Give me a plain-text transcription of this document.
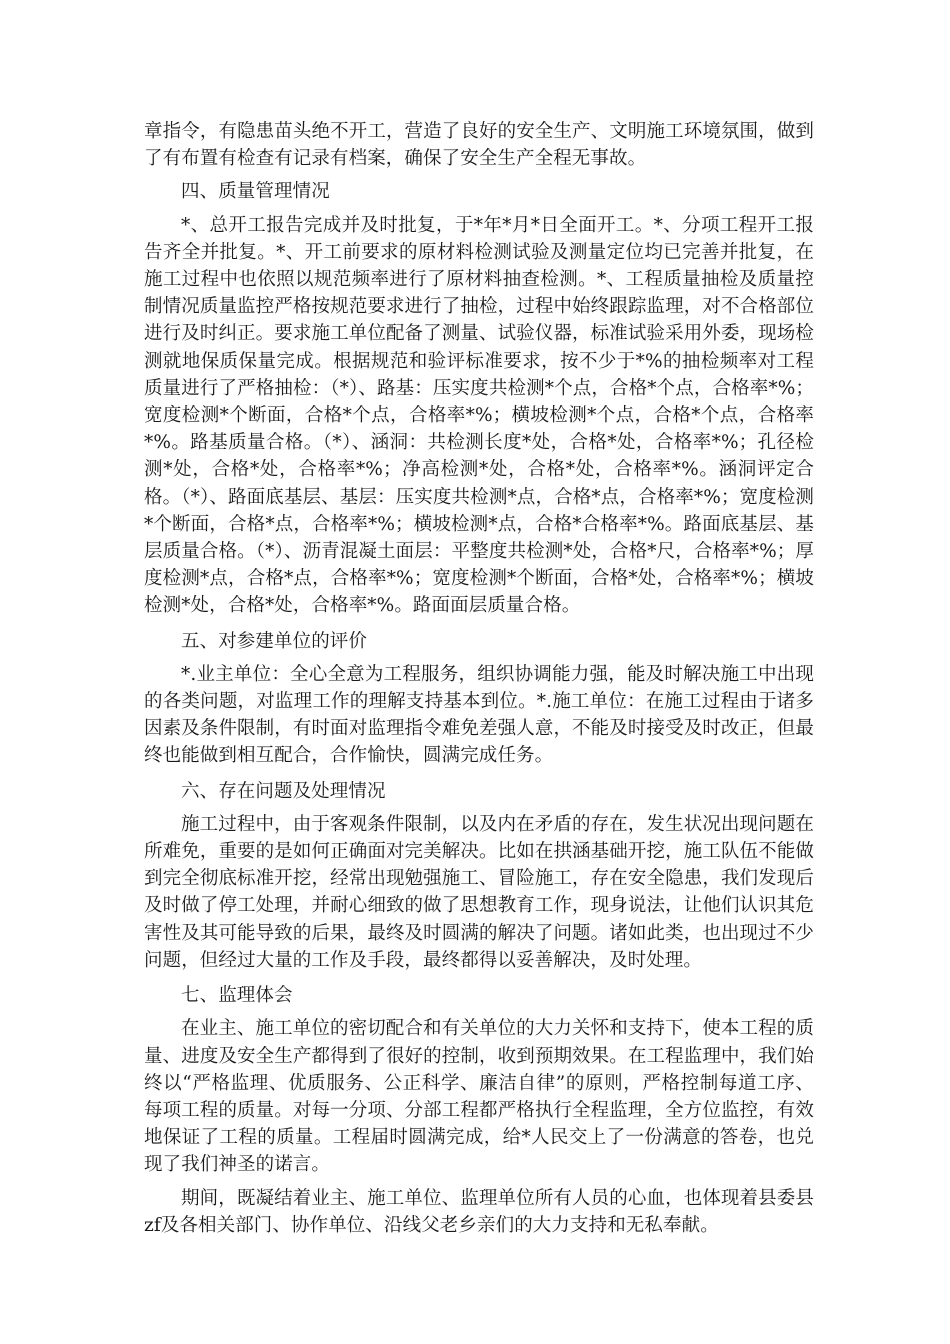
章指令，有隐患苗头绝不开工，营造了良好的安全生产、文明施工环境氛围，做到了有布置有检查有记录有档案，确保了安全生产全程无事故。

四、质量管理情况

*、总开工报告完成并及时批复，于*年*月*日全面开工。*、分项工程开工报告齐全并批复。*、开工前要求的原材料检测试验及测量定位均已完善并批复，在施工过程中也依照以规范频率进行了原材料抽查检测。*、工程质量抽检及质量控制情况质量监控严格按规范要求进行了抽检，过程中始终跟踪监理，对不合格部位进行及时纠正。要求施工单位配备了测量、试验仪器，标准试验采用外委，现场检测就地保质保量完成。根据规范和验评标准要求，按不少于*%的抽检频率对工程质量进行了严格抽检：（*）、路基：压实度共检测*个点，合格*个点，合格率*%；宽度检测*个断面，合格*个点，合格率*%；横坡检测*个点，合格*个点，合格率*%。路基质量合格。（*）、涵洞：共检测长度*处，合格*处，合格率*%；孔径检测*处，合格*处，合格率*%；净高检测*处，合格*处，合格率*%。涵洞评定合格。（*）、路面底基层、基层：压实度共检测*点，合格*点，合格率*%；宽度检测*个断面，合格*点，合格率*%；横坡检测*点，合格*合格率*%。路面底基层、基层质量合格。（*）、沥青混凝土面层：平整度共检测*处，合格*尺，合格率*%；厚度检测*点，合格*点，合格率*%；宽度检测*个断面，合格*处，合格率*%；横坡检测*处，合格*处，合格率*%。路面面层质量合格。

五、对参建单位的评价

*.业主单位：全心全意为工程服务，组织协调能力强，能及时解决施工中出现的各类问题，对监理工作的理解支持基本到位。*.施工单位：在施工过程由于诸多因素及条件限制，有时面对监理指令难免差强人意，不能及时接受及时改正，但最终也能做到相互配合，合作愉快，圆满完成任务。

六、存在问题及处理情况

施工过程中，由于客观条件限制，以及内在矛盾的存在，发生状况出现问题在所难免，重要的是如何正确面对完美解决。比如在拱涵基础开挖，施工队伍不能做到完全彻底标准开挖，经常出现勉强施工、冒险施工，存在安全隐患，我们发现后及时做了停工处理，并耐心细致的做了思想教育工作，现身说法，让他们认识其危害性及其可能导致的后果，最终及时圆满的解决了问题。诸如此类，也出现过不少问题，但经过大量的工作及手段，最终都得以妥善解决，及时处理。

七、监理体会

在业主、施工单位的密切配合和有关单位的大力关怀和支持下，使本工程的质量、进度及安全生产都得到了很好的控制，收到预期效果。在工程监理中，我们始终以“严格监理、优质服务、公正科学、廉洁自律”的原则，严格控制每道工序、每项工程的质量。对每一分项、分部工程都严格执行全程监理，全方位监控，有效地保证了工程的质量。工程届时圆满完成，给*人民交上了一份满意的答卷，也兑现了我们神圣的诺言。

期间，既凝结着业主、施工单位、监理单位所有人员的心血，也体现着县委县zf及各相关部门、协作单位、沿线父老乡亲们的大力支持和无私奉献。
